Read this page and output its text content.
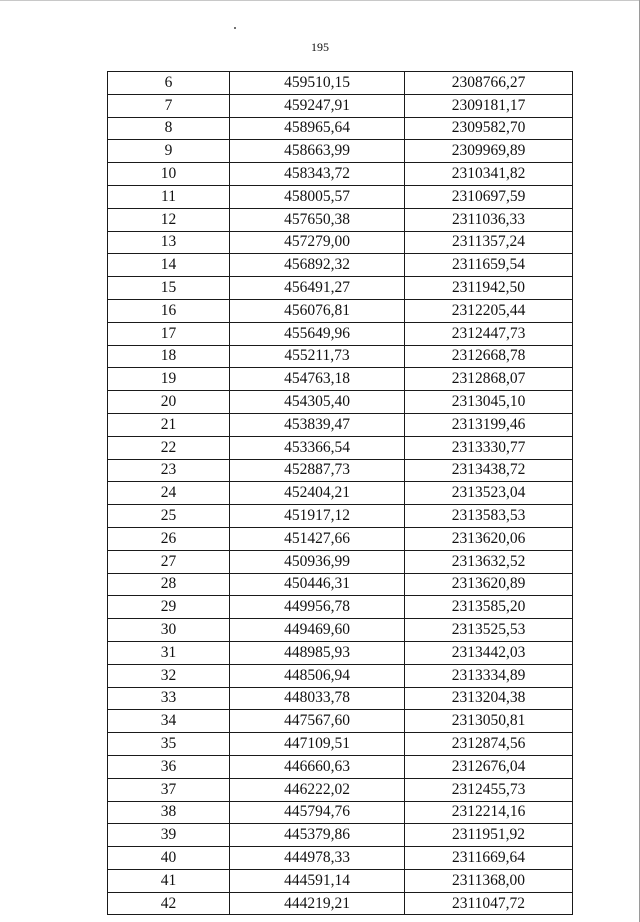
195
6	459510,15	2308766,27
7	459247,91	2309181,17
8	458965,64	2309582,70
9	458663,99	2309969,89
10	458343,72	2310341,82
11	458005,57	2310697,59
12	457650,38	2311036,33
13	457279,00	2311357,24
14	456892,32	2311659,54
15	456491,27	2311942,50
16	456076,81	2312205,44
17	455649,96	2312447,73
18	455211,73	2312668,78
19	454763,18	2312868,07
20	454305,40	2313045,10
21	453839,47	2313199,46
22	453366,54	2313330,77
23	452887,73	2313438,72
24	452404,21	2313523,04
25	451917,12	2313583,53
26	451427,66	2313620,06
27	450936,99	2313632,52
28	450446,31	2313620,89
29	449956,78	2313585,20
30	449469,60	2313525,53
31	448985,93	2313442,03
32	448506,94	2313334,89
33	448033,78	2313204,38
34	447567,60	2313050,81
35	447109,51	2312874,56
36	446660,63	2312676,04
37	446222,02	2312455,73
38	445794,76	2312214,16
39	445379,86	2311951,92
40	444978,33	2311669,64
41	444591,14	2311368,00
42	444219,21	2311047,72
